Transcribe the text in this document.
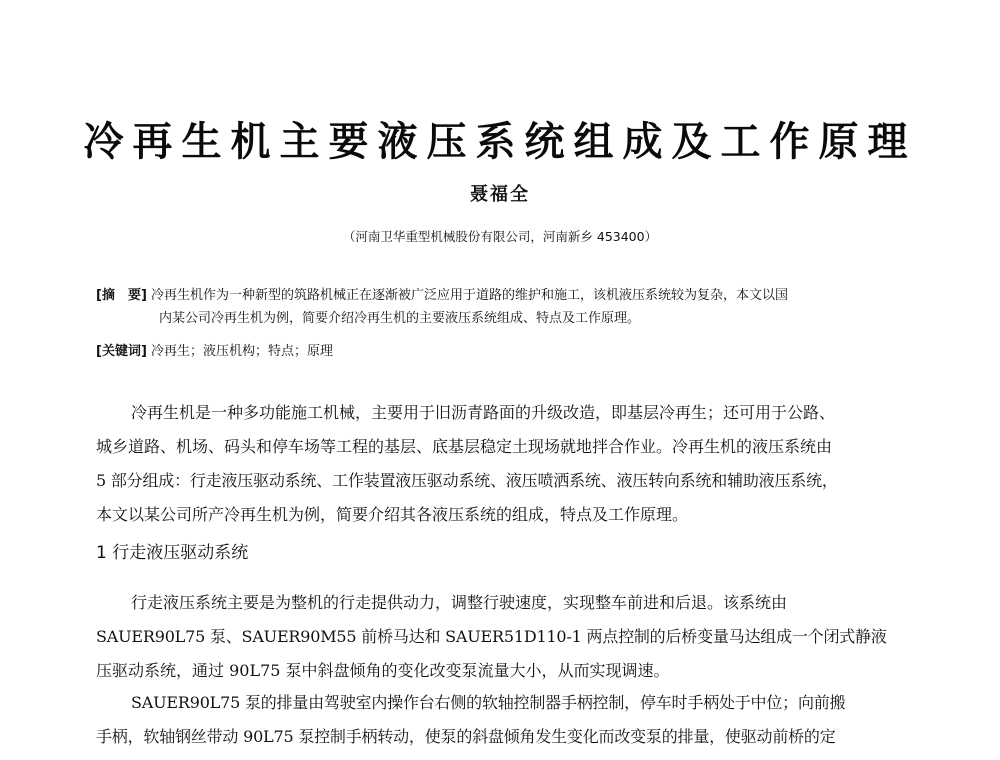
冷再生机主要液压系统组成及工作原理
聂福全
（河南卫华重型机械股份有限公司，河南新乡 453400）
[摘　要] 冷再生机作为一种新型的筑路机械正在逐渐被广泛应用于道路的维护和施工，该机液压系统较为复杂，本文以国
内某公司冷再生机为例，简要介绍冷再生机的主要液压系统组成、特点及工作原理。
[关键词] 冷再生；液压机构；特点；原理
冷再生机是一种多功能施工机械，主要用于旧沥青路面的升级改造，即基层冷再生；还可用于公路、
城乡道路、机场、码头和停车场等工程的基层、底基层稳定土现场就地拌合作业。冷再生机的液压系统由
5 部分组成：行走液压驱动系统、工作装置液压驱动系统、液压喷洒系统、液压转向系统和辅助液压系统，
本文以某公司所产冷再生机为例，简要介绍其各液压系统的组成，特点及工作原理。
1 行走液压驱动系统
行走液压系统主要是为整机的行走提供动力，调整行驶速度，实现整车前进和后退。该系统由
SAUER90L75 泵、SAUER90M55 前桥马达和 SAUER51D110-1 两点控制的后桥变量马达组成一个闭式静液
压驱动系统，通过 90L75 泵中斜盘倾角的变化改变泵流量大小，从而实现调速。
SAUER90L75 泵的排量由驾驶室内操作台右侧的软轴控制器手柄控制，停车时手柄处于中位；向前搬
手柄，软轴钢丝带动 90L75 泵控制手柄转动，使泵的斜盘倾角发生变化而改变泵的排量，使驱动前桥的定
